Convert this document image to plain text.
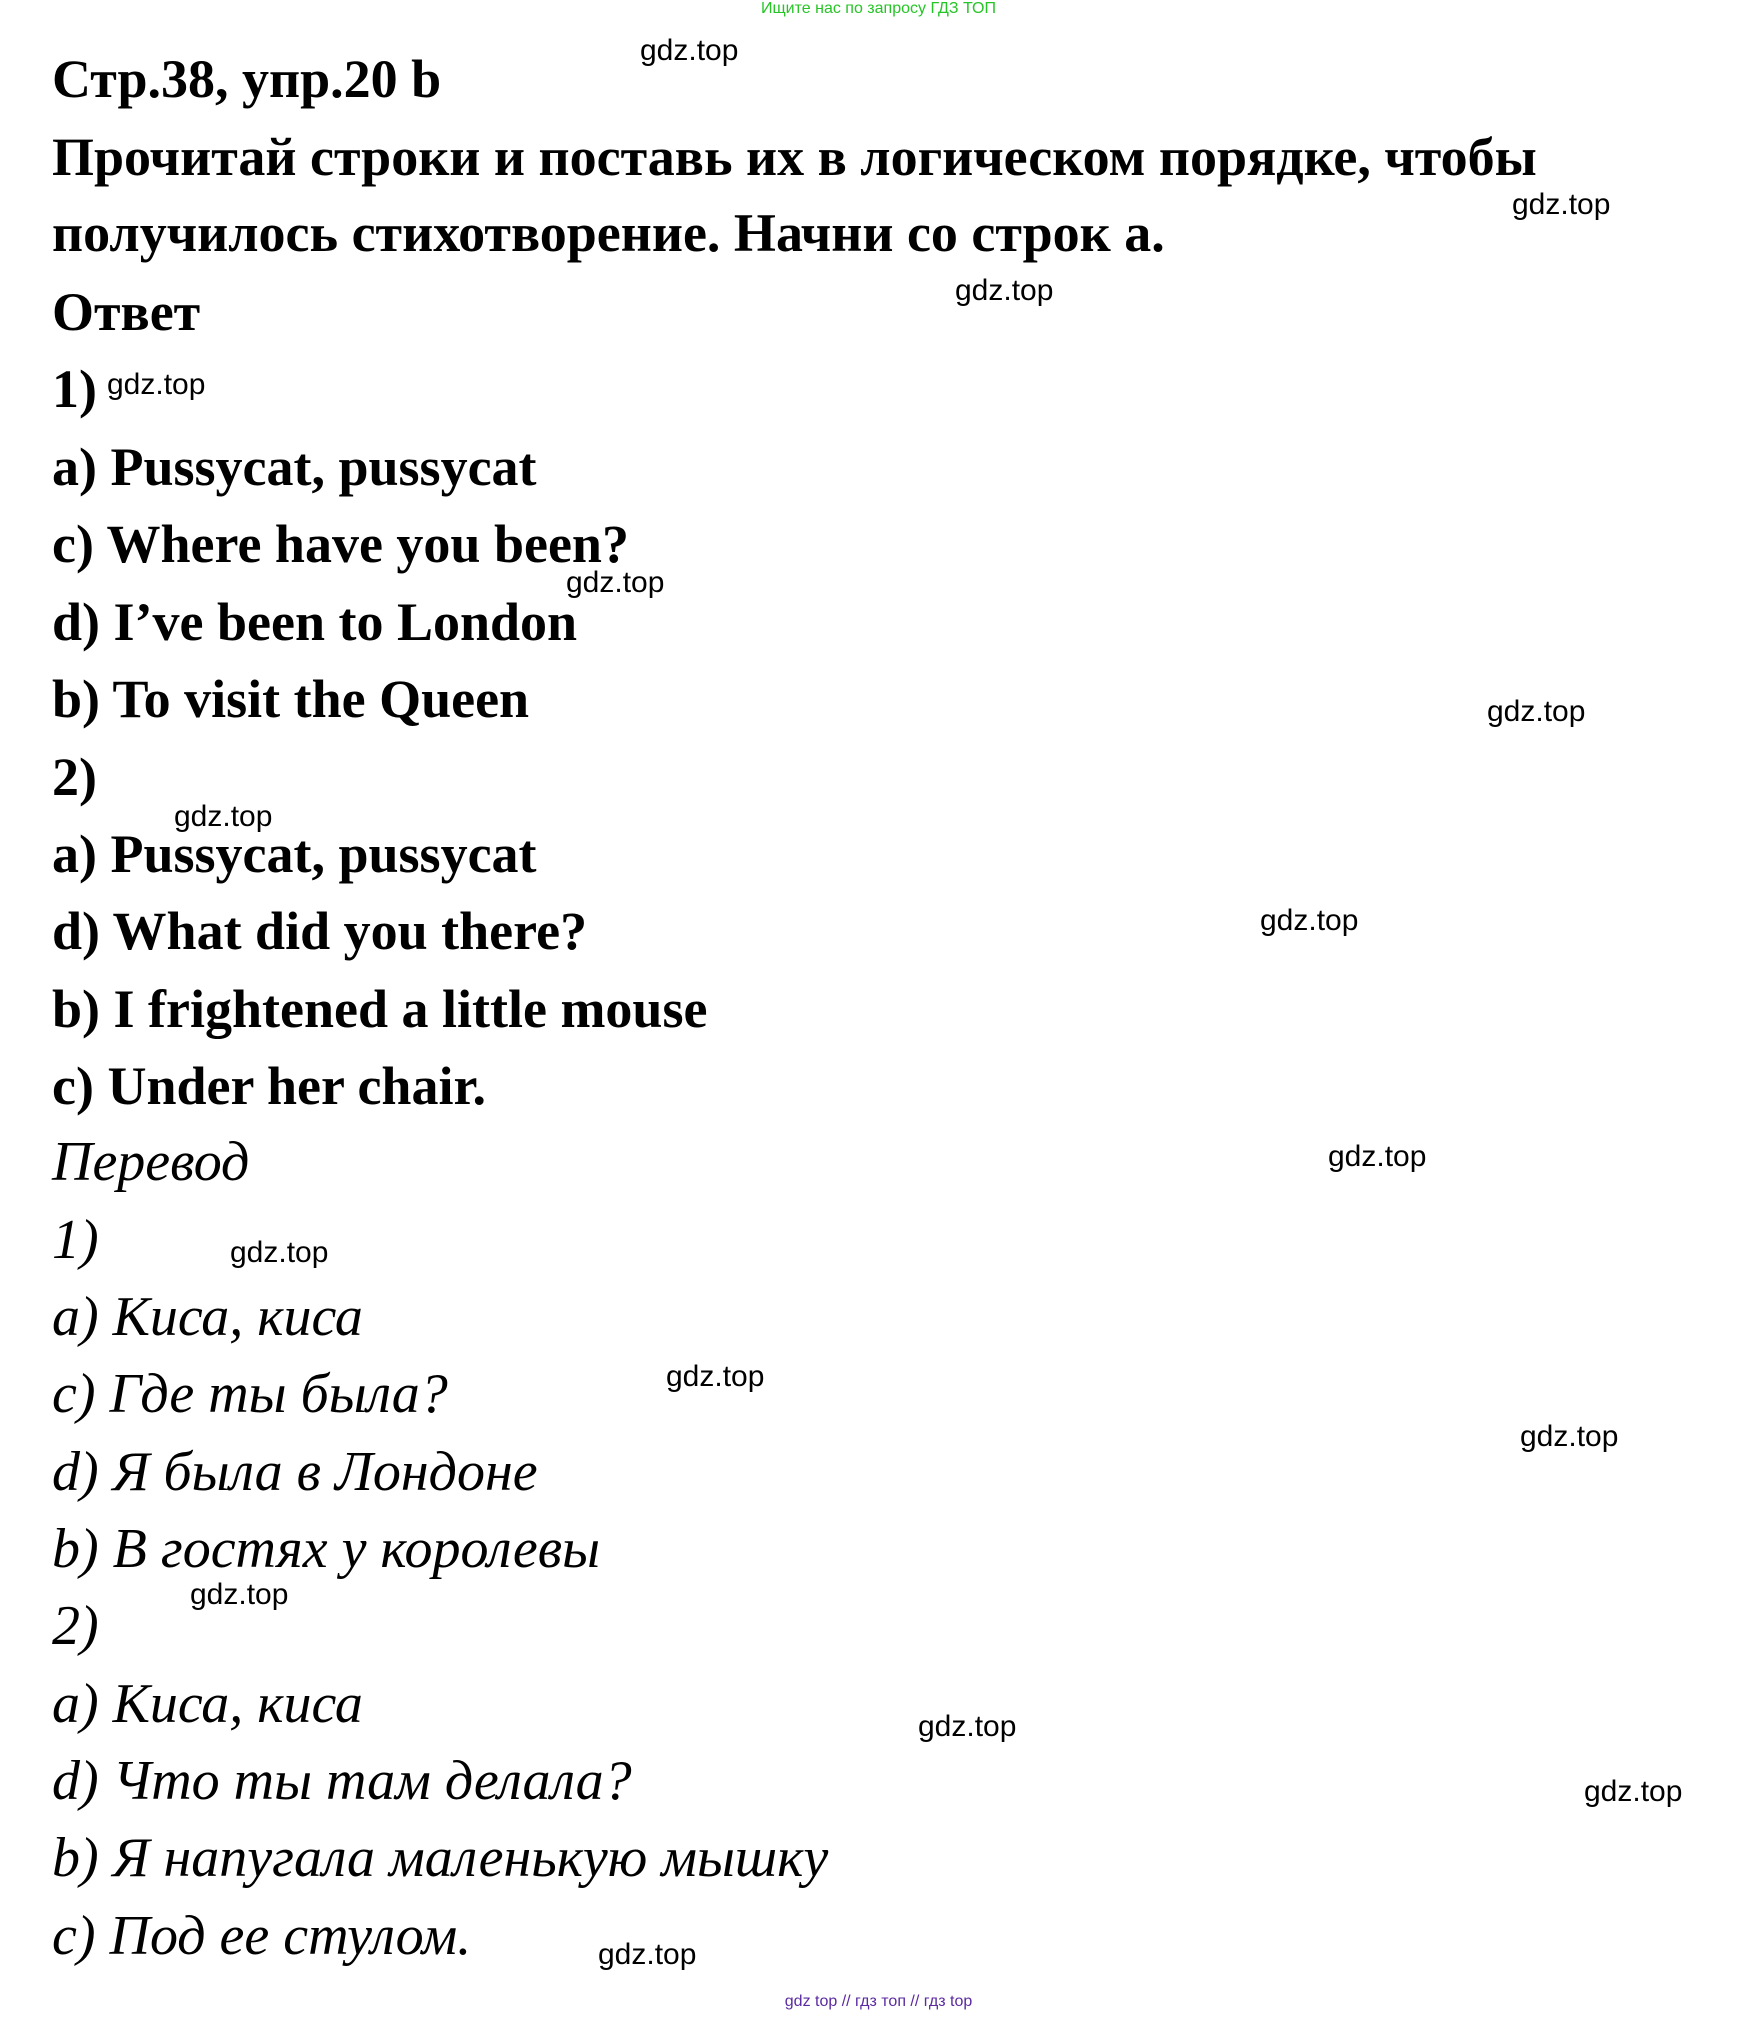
Ищите нас по запросу ГДЗ ТОП
Стр.38, упр.20 b
Прочитай строки и поставь их в логическом порядке, чтобы
получилось стихотворение. Начни со строк а.
Ответ
1)
a) Pussycat, pussycat
c) Where have you been?
d) I’ve been to London
b) To visit the Queen
2)
a) Pussycat, pussycat
d) What did you there?
b) I frightened a little mouse
c) Under her chair.
Перевод
1)
a) Киса, киса
c) Где ты была?
d) Я была в Лондоне
b) В гостях у королевы
2)
a) Киса, киса
d) Что ты там делала?
b) Я напугала маленькую мышку
c) Под ее стулом.
gdz.top
gdz.top
gdz.top
gdz.top
gdz.top
gdz.top
gdz.top
gdz.top
gdz.top
gdz.top
gdz.top
gdz.top
gdz.top
gdz.top
gdz.top
gdz.top
gdz top // гдз топ // гдз top
